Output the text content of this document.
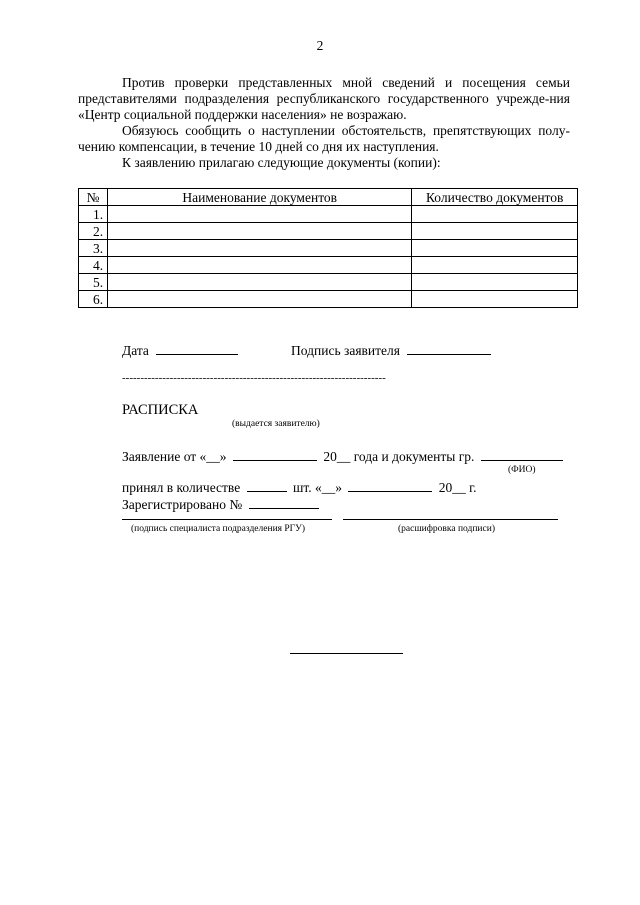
2

Против проверки представленных мной сведений и посещения семьи представителями подразделения республиканского государственного учрежде-ния «Центр социальной поддержки населения» не возражаю.

Обязуюсь сообщить о наступлении обстоятельств, препятствующих полу-чению компенсации, в течение 10 дней со дня их наступления.

К заявлению прилагаю следующие документы (копии):

№	Наименование документов	Количество документов
1.		
2.		
3.		
4.		
5.		
6.		
Дата	Подпись заявителя
------------------------------------------------------------------------
РАСПИСКА
(выдается заявителю)
Заявление от «__»	20__ года и документы гр.
(ФИО)
принял в количестве	шт. «__»	20__ г.
Зарегистрировано №
(подпись специалиста подразделения РГУ)	(расшифровка подписи)
